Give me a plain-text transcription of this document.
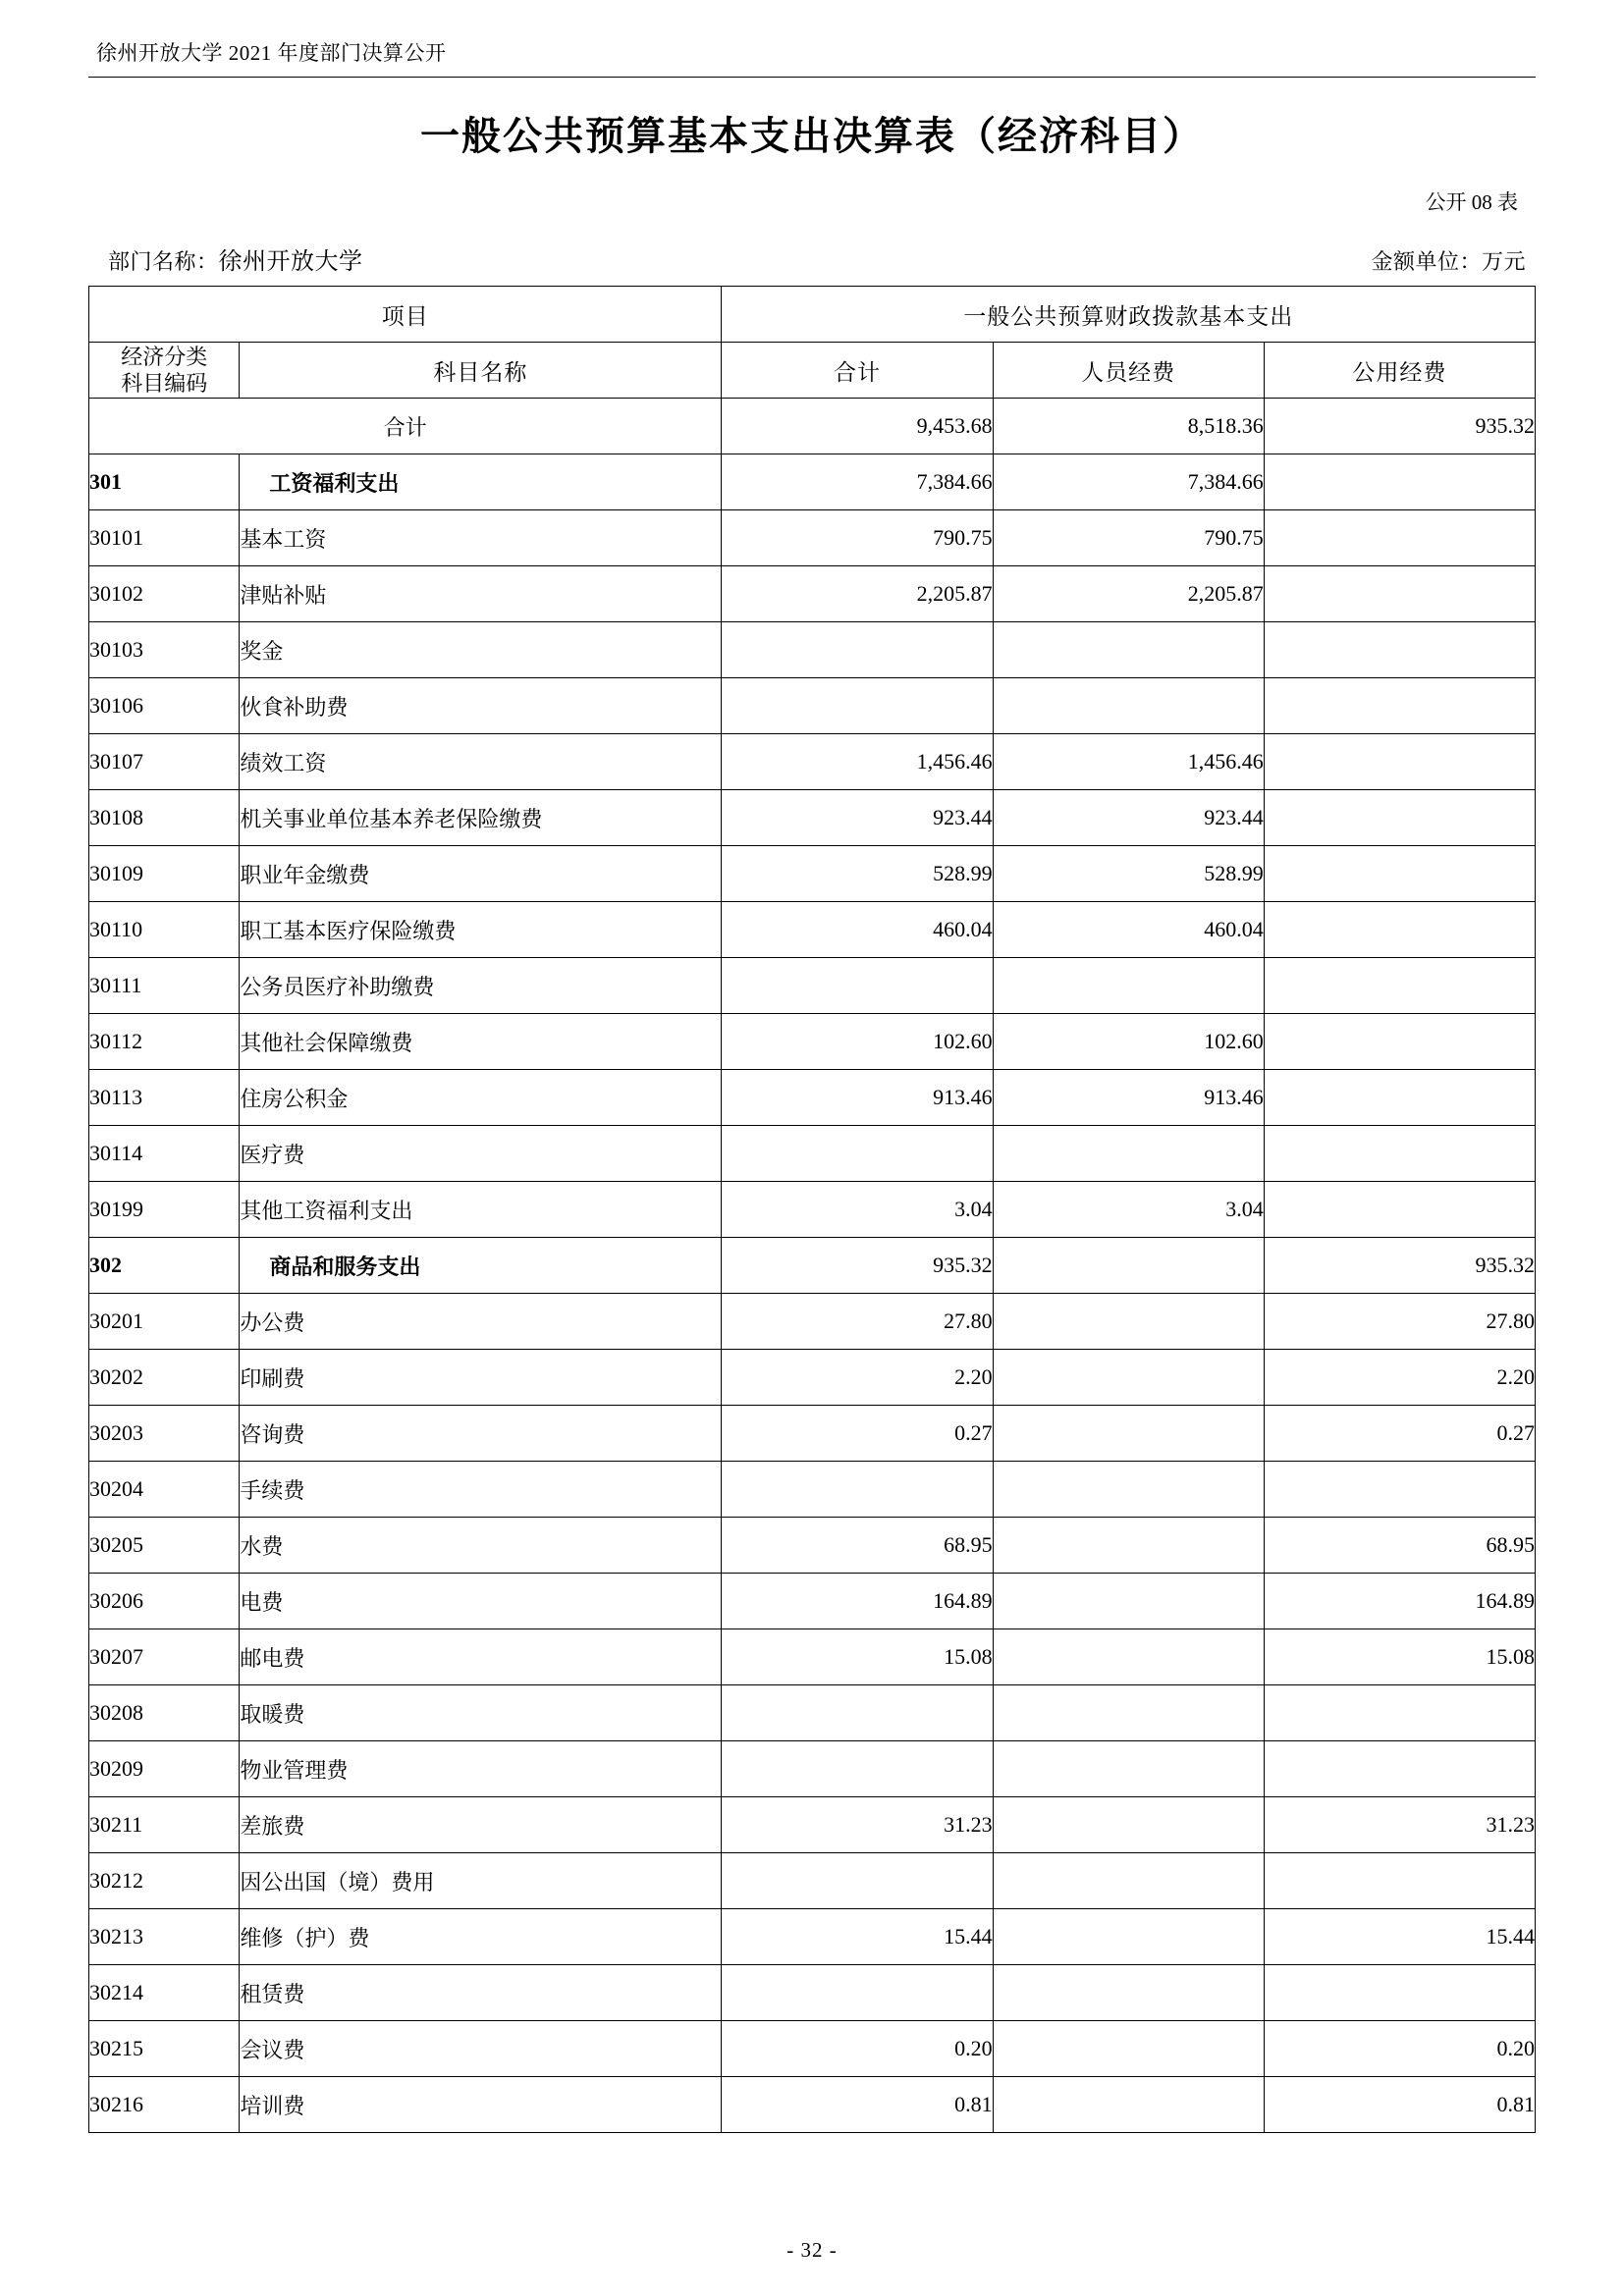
徐州开放大学 2021 年度部门决算公开
一般公共预算基本支出决算表（经济科目）
公开 08 表
部门名称：徐州开放大学	金额单位：万元
项目		一般公共预算财政拨款基本支出		

经济分类
科目编码	科目名称	合计	人员经费	公用经费
合计		9,453.68	8,518.36	935.32
301	工资福利支出	7,384.66	7,384.66	
30101	基本工资	790.75	790.75	
30102	津贴补贴	2,205.87	2,205.87	
30103	奖金			
30106	伙食补助费			
30107	绩效工资	1,456.46	1,456.46	
30108	机关事业单位基本养老保险缴费	923.44	923.44	
30109	职业年金缴费	528.99	528.99	
30110	职工基本医疗保险缴费	460.04	460.04	
30111	公务员医疗补助缴费			
30112	其他社会保障缴费	102.60	102.60	
30113	住房公积金	913.46	913.46	
30114	医疗费			
30199	其他工资福利支出	3.04	3.04	
302	商品和服务支出	935.32		935.32
30201	办公费	27.80		27.80
30202	印刷费	2.20		2.20
30203	咨询费	0.27		0.27
30204	手续费			
30205	水费	68.95		68.95
30206	电费	164.89		164.89
30207	邮电费	15.08		15.08
30208	取暖费			
30209	物业管理费			
30211	差旅费	31.23		31.23
30212	因公出国（境）费用			
30213	维修（护）费	15.44		15.44
30214	租赁费			
30215	会议费	0.20		0.20
30216	培训费	0.81		0.81
- 32 -
